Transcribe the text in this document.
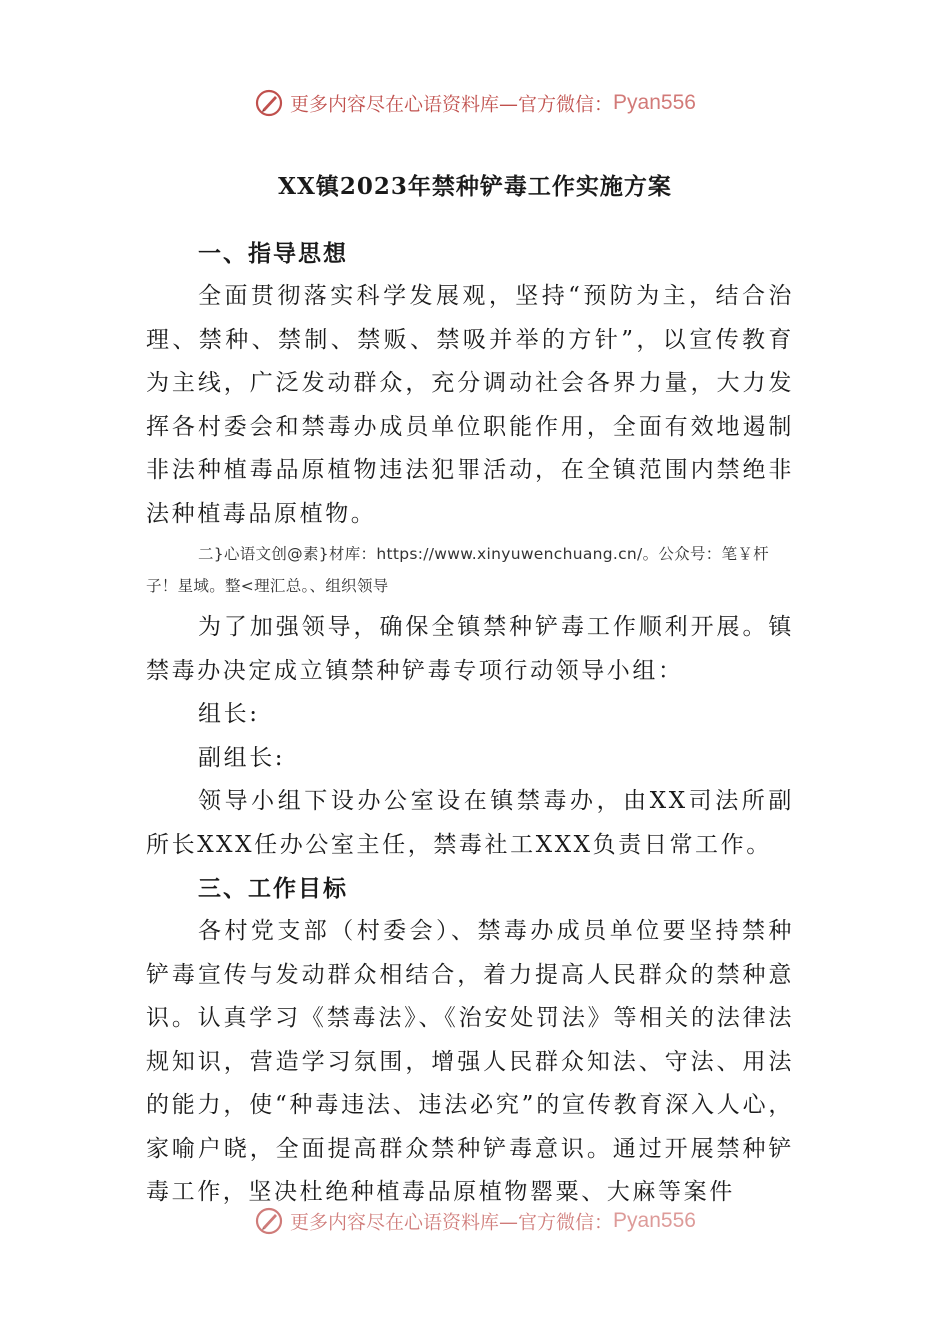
更多内容尽在心语资料库—官方微信：Pyan556
XX镇2023年禁种铲毒工作实施方案

一、指导思想

全面贯彻落实科学发展观，坚持“预防为主，结合治理、禁种、禁制、禁贩、禁吸并举的方针”，以宣传教育为主线，广泛发动群众，充分调动社会各界力量，大力发挥各村委会和禁毒办成员单位职能作用，全面有效地遏制非法种植毒品原植物违法犯罪活动，在全镇范围内禁绝非法种植毒品原植物。

二}心语文创@素}材库：https://www.xinyuwenchuang.cn/。公众号：笔￥杆子！星域。整<理汇总。、组织领导

为了加强领导，确保全镇禁种铲毒工作顺利开展。镇禁毒办决定成立镇禁种铲毒专项行动领导小组：

组长:

副组长:

领导小组下设办公室设在镇禁毒办，由XX司法所副所长XXX任办公室主任，禁毒社工XXX负责日常工作。

三、工作目标

各村党支部（村委会）、禁毒办成员单位要坚持禁种铲毒宣传与发动群众相结合，着力提高人民群众的禁种意识。认真学习《禁毒法》、《治安处罚法》等相关的法律法规知识，营造学习氛围，增强人民群众知法、守法、用法的能力，使“种毒违法、违法必究”的宣传教育深入人心，家喻户晓，全面提高群众禁种铲毒意识。通过开展禁种铲毒工作，坚决杜绝种植毒品原植物罂粟、大麻等案件

更多内容尽在心语资料库—官方微信：Pyan556
